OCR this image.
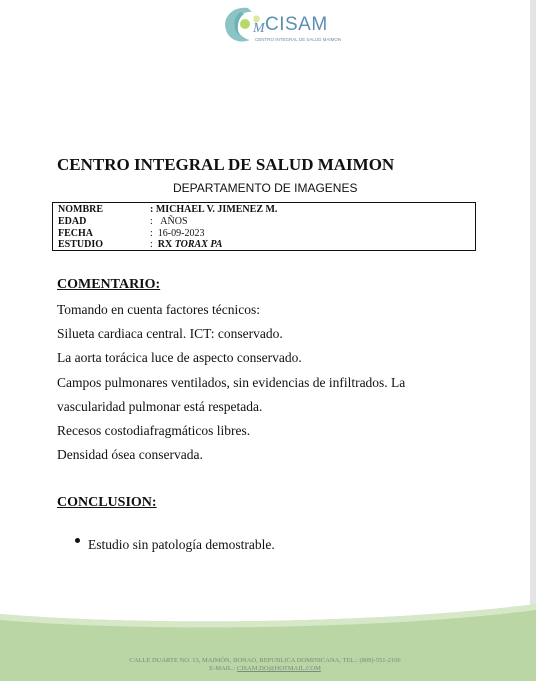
M CISAM
CENTRO INTEGRAL DE SALUD MAIMON
CENTRO INTEGRAL DE SALUD MAIMON
DEPARTAMENTO DE IMAGENES
NOMBRE	: MICHAEL V. JIMENEZ M.
EDAD	: AÑOS
FECHA	: 16-09-2023
ESTUDIO	: RX TORAX PA
COMENTARIO:
Tomando en cuenta factores técnicos:
Silueta cardiaca central. ICT: conservado.
La aorta torácica luce de aspecto conservado.
Campos pulmonares ventilados, sin evidencias de infiltrados. La
vascularidad pulmonar está respetada.
Recesos costodiafragmáticos libres.
Densidad ósea conservada.
CONCLUSION:
Estudio sin patología demostrable.
CALLE DUARTE NO. 13, MAIMÓN, BONAO, REPUBLICA DOMINICANA, TEL.: (809)-551-2106
E-MAIL.: CISAM.DO@HOTMAIL.COM
